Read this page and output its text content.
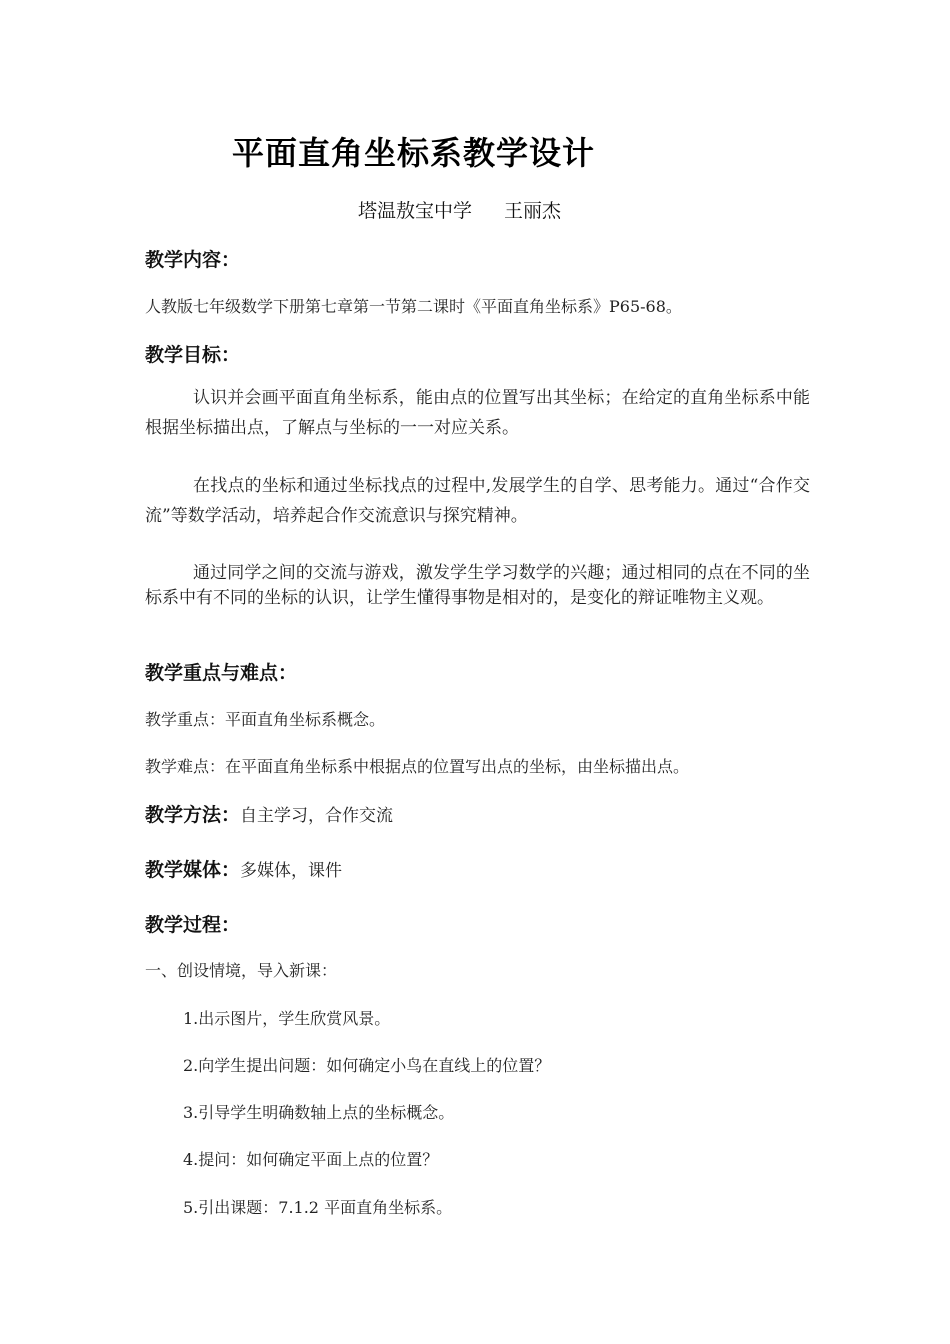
平面直角坐标系教学设计
塔温敖宝中学 王丽杰
教学内容：
人教版七年级数学下册第七章第一节第二课时《平面直角坐标系》P65-68。
教学目标：
认识并会画平面直角坐标系，能由点的位置写出其坐标；在给定的直角坐标系中能根据坐标描出点，了解点与坐标的一一对应关系。
在找点的坐标和通过坐标找点的过程中,发展学生的自学、思考能力。通过“合作交流”等数学活动，培养起合作交流意识与探究精神。
通过同学之间的交流与游戏，激发学生学习数学的兴趣；通过相同的点在不同的坐标系中有不同的坐标的认识，让学生懂得事物是相对的，是变化的辩证唯物主义观。
教学重点与难点：
教学重点：平面直角坐标系概念。
教学难点：在平面直角坐标系中根据点的位置写出点的坐标，由坐标描出点。
教学方法：自主学习，合作交流
教学媒体：多媒体，课件
教学过程：
一、创设情境，导入新课：
1.出示图片，学生欣赏风景。
2.向学生提出问题：如何确定小鸟在直线上的位置？
3.引导学生明确数轴上点的坐标概念。
4.提问：如何确定平面上点的位置？
5.引出课题：7.1.2 平面直角坐标系。
